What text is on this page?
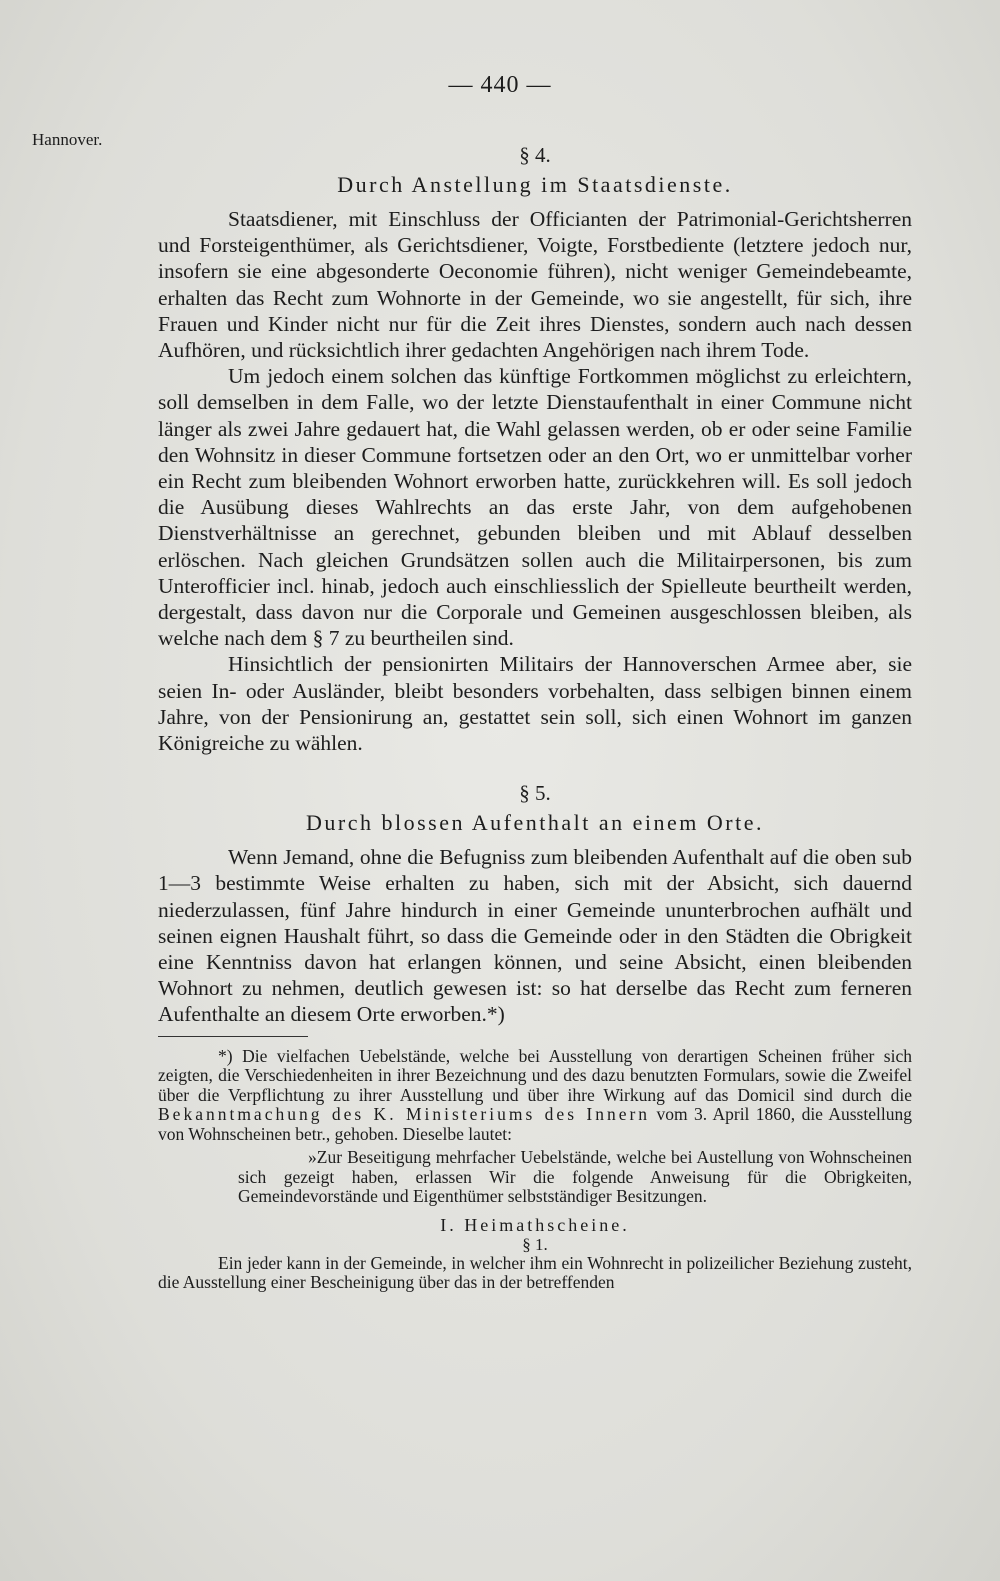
— 440 —
Hannover.

§ 4.

Durch Anstellung im Staatsdienste.

Staatsdiener, mit Einschluss der Officianten der Patrimonial-Gerichtsherren und Forsteigenthümer, als Gerichtsdiener, Voigte, Forstbediente (letztere jedoch nur, insofern sie eine abgesonderte Oeconomie führen), nicht weniger Gemeindebeamte, erhalten das Recht zum Wohnorte in der Gemeinde, wo sie angestellt, für sich, ihre Frauen und Kinder nicht nur für die Zeit ihres Dienstes, sondern auch nach dessen Aufhören, und rücksichtlich ihrer gedachten Angehörigen nach ihrem Tode.

Um jedoch einem solchen das künftige Fortkommen möglichst zu erleichtern, soll demselben in dem Falle, wo der letzte Dienstaufenthalt in einer Commune nicht länger als zwei Jahre gedauert hat, die Wahl gelassen werden, ob er oder seine Familie den Wohnsitz in dieser Commune fortsetzen oder an den Ort, wo er unmittelbar vorher ein Recht zum bleibenden Wohnort erworben hatte, zurückkehren will. Es soll jedoch die Ausübung dieses Wahlrechts an das erste Jahr, von dem aufgehobenen Dienstverhältnisse an gerechnet, gebunden bleiben und mit Ablauf desselben erlöschen. Nach gleichen Grundsätzen sollen auch die Militairpersonen, bis zum Unterofficier incl. hinab, jedoch auch einschliesslich der Spielleute beurtheilt werden, dergestalt, dass davon nur die Corporale und Gemeinen ausgeschlossen bleiben, als welche nach dem § 7 zu beurtheilen sind.

Hinsichtlich der pensionirten Militairs der Hannoverschen Armee aber, sie seien In- oder Ausländer, bleibt besonders vorbehalten, dass selbigen binnen einem Jahre, von der Pensionirung an, gestattet sein soll, sich einen Wohnort im ganzen Königreiche zu wählen.

§ 5.

Durch blossen Aufenthalt an einem Orte.

Wenn Jemand, ohne die Befugniss zum bleibenden Aufenthalt auf die oben sub 1—3 bestimmte Weise erhalten zu haben, sich mit der Absicht, sich dauernd niederzulassen, fünf Jahre hindurch in einer Gemeinde ununterbrochen aufhält und seinen eignen Haushalt führt, so dass die Gemeinde oder in den Städten die Obrigkeit eine Kenntniss davon hat erlangen können, und seine Absicht, einen bleibenden Wohnort zu nehmen, deutlich gewesen ist: so hat derselbe das Recht zum ferneren Aufenthalte an diesem Orte erworben.*)

*) Die vielfachen Uebelstände, welche bei Ausstellung von derartigen Scheinen früher sich zeigten, die Verschiedenheiten in ihrer Bezeichnung und des dazu benutzten Formulars, sowie die Zweifel über die Verpflichtung zu ihrer Ausstellung und über ihre Wirkung auf das Domicil sind durch die Bekanntmachung des K. Ministeriums des Innern vom 3. April 1860, die Ausstellung von Wohnscheinen betr., gehoben. Dieselbe lautet:

»Zur Beseitigung mehrfacher Uebelstände, welche bei Austellung von Wohnscheinen sich gezeigt haben, erlassen Wir die folgende Anweisung für die Obrigkeiten, Gemeindevorstände und Eigenthümer selbstständiger Besitzungen.

I. Heimathscheine.

§ 1.

Ein jeder kann in der Gemeinde, in welcher ihm ein Wohnrecht in polizeilicher Beziehung zusteht, die Ausstellung einer Bescheinigung über das in der betreffenden
